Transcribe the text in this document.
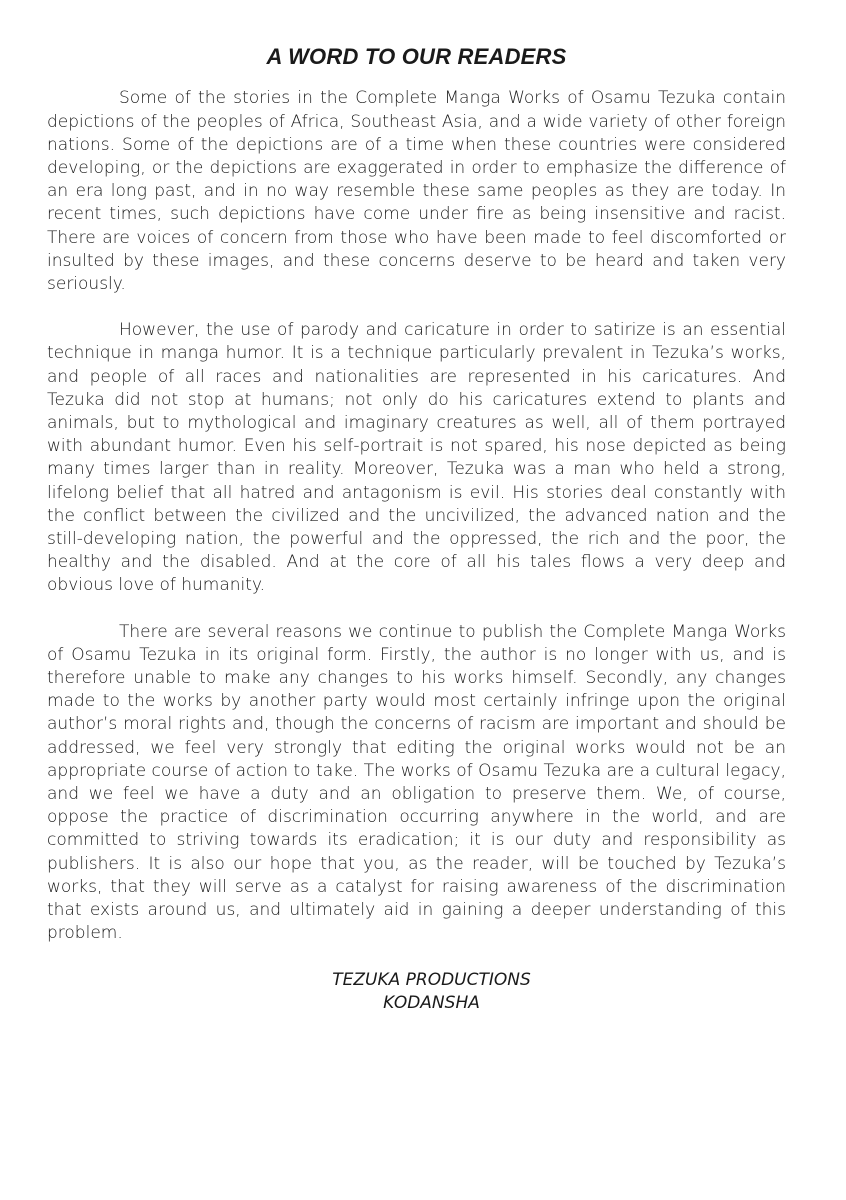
A WORD TO OUR READERS

Some of the stories in the Complete Manga Works of Osamu Tezuka contain depictions of the peoples of Africa, Southeast Asia, and a wide variety of other foreign nations. Some of the depictions are of a time when these countries were considered developing, or the depictions are exaggerated in order to emphasize the difference of an era long past, and in no way resemble these same peoples as they are today. In recent times, such depictions have come under fire as being insensitive and racist. There are voices of concern from those who have been made to feel discomforted or insulted by these images, and these concerns deserve to be heard and taken very seriously.

However, the use of parody and caricature in order to satirize is an essential technique in manga humor. It is a technique particularly prevalent in Tezuka’s works, and people of all races and nationalities are represented in his caricatures. And Tezuka did not stop at humans; not only do his caricatures extend to plants and animals, but to mythological and imaginary creatures as well, all of them portrayed with abundant humor. Even his self-portrait is not spared, his nose depicted as being many times larger than in reality. Moreover, Tezuka was a man who held a strong, lifelong belief that all hatred and antagonism is evil. His stories deal constantly with the conflict between the civilized and the uncivilized, the advanced nation and the still-developing nation, the powerful and the oppressed, the rich and the poor, the healthy and the disabled. And at the core of all his tales flows a very deep and obvious love of humanity.

There are several reasons we continue to publish the Complete Manga Works of Osamu Tezuka in its original form. Firstly, the author is no longer with us, and is therefore unable to make any changes to his works himself. Secondly, any changes made to the works by another party would most certainly infringe upon the original author’s moral rights and, though the concerns of racism are important and should be addressed, we feel very strongly that editing the original works would not be an appropriate course of action to take. The works of Osamu Tezuka are a cultural legacy, and we feel we have a duty and an obligation to preserve them. We, of course, oppose the practice of discrimination occurring anywhere in the world, and are committed to striving towards its eradication; it is our duty and responsibility as publishers. It is also our hope that you, as the reader, will be touched by Tezuka’s works, that they will serve as a catalyst for raising awareness of the discrimination that exists around us, and ultimately aid in gaining a deeper understanding of this problem.

TEZUKA PRODUCTIONS
KODANSHA
